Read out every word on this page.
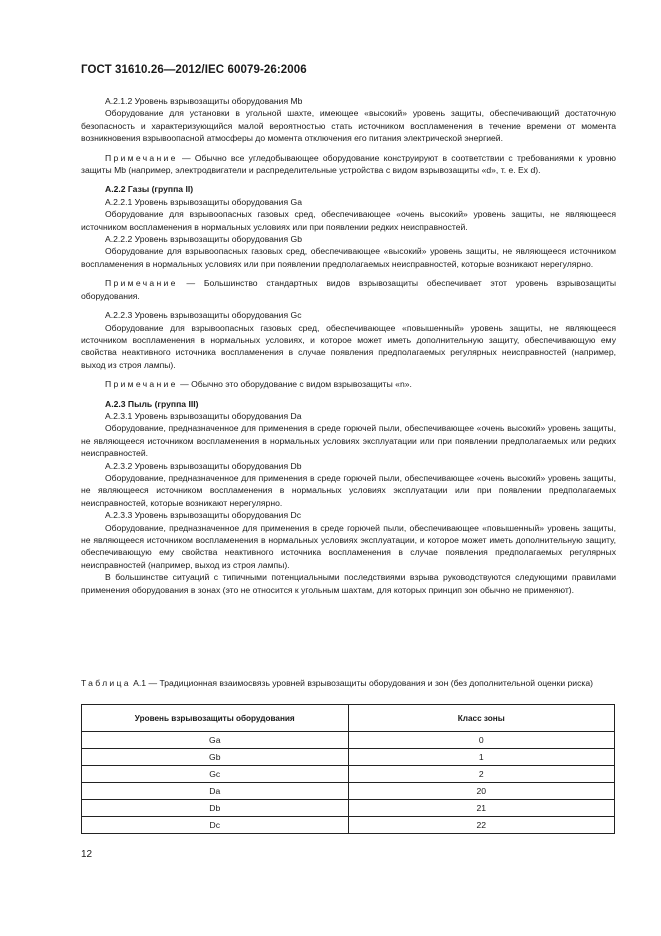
ГОСТ 31610.26—2012/IEC 60079-26:2006

А.2.1.2 Уровень взрывозащиты оборудования Mb

Оборудование для установки в угольной шахте, имеющее «высокий» уровень защиты, обеспечивающий достаточную безопасность и характеризующийся малой вероятностью стать источником воспламенения в течение времени от момента возникновения взрывоопасной атмосферы до момента отключения его питания электрической энергией.

Примечание — Обычно все угледобывающее оборудование конструируют в соответствии с требованиями к уровню защиты Mb (например, электродвигатели и распределительные устройства с видом взрывозащиты «d», т. е. Ex d).

А.2.2 Газы (группа II)

А.2.2.1 Уровень взрывозащиты оборудования Ga

Оборудование для взрывоопасных газовых сред, обеспечивающее «очень высокий» уровень защиты, не являющееся источником воспламенения в нормальных условиях или при появлении редких неисправностей.

А.2.2.2 Уровень взрывозащиты оборудования Gb

Оборудование для взрывоопасных газовых сред, обеспечивающее «высокий» уровень защиты, не являющееся источником воспламенения в нормальных условиях или при появлении предполагаемых неисправностей, которые возникают нерегулярно.

Примечание — Большинство стандартных видов взрывозащиты обеспечивает этот уровень взрывозащиты оборудования.

А.2.2.3 Уровень взрывозащиты оборудования Gc

Оборудование для взрывоопасных газовых сред, обеспечивающее «повышенный» уровень защиты, не являющееся источником воспламенения в нормальных условиях, и которое может иметь дополнительную защиту, обеспечивающую ему свойства неактивного источника воспламенения в случае появления предполагаемых регулярных неисправностей (например, выход из строя лампы).

Примечание — Обычно это оборудование с видом взрывозащиты «n».

А.2.3 Пыль (группа III)

А.2.3.1 Уровень взрывозащиты оборудования Da

Оборудование, предназначенное для применения в среде горючей пыли, обеспечивающее «очень высокий» уровень защиты, не являющееся источником воспламенения в нормальных условиях эксплуатации или при появлении предполагаемых или редких неисправностей.

А.2.3.2 Уровень взрывозащиты оборудования Db

Оборудование, предназначенное для применения в среде горючей пыли, обеспечивающее «очень высокий» уровень защиты, не являющееся источником воспламенения в нормальных условиях эксплуатации или при появлении предполагаемых неисправностей, которые возникают нерегулярно.

А.2.3.3 Уровень взрывозащиты оборудования Dc

Оборудование, предназначенное для применения в среде горючей пыли, обеспечивающее «повышенный» уровень защиты, не являющееся источником воспламенения в нормальных условиях эксплуатации, и которое может иметь дополнительную защиту, обеспечивающую ему свойства неактивного источника воспламенения в случае появления предполагаемых регулярных неисправностей (например, выход из строя лампы).

В большинстве ситуаций с типичными потенциальными последствиями взрыва руководствуются следующими правилами применения оборудования в зонах (это не относится к угольным шахтам, для которых принцип зон обычно не применяют).

Таблица А.1 — Традиционная взаимосвязь уровней взрывозащиты оборудования и зон (без дополнительной оценки риска)
Уровень взрывозащиты оборудования	Класс зоны
Ga	0
Gb	1
Gc	2
Da	20
Db	21
Dc	22
12
